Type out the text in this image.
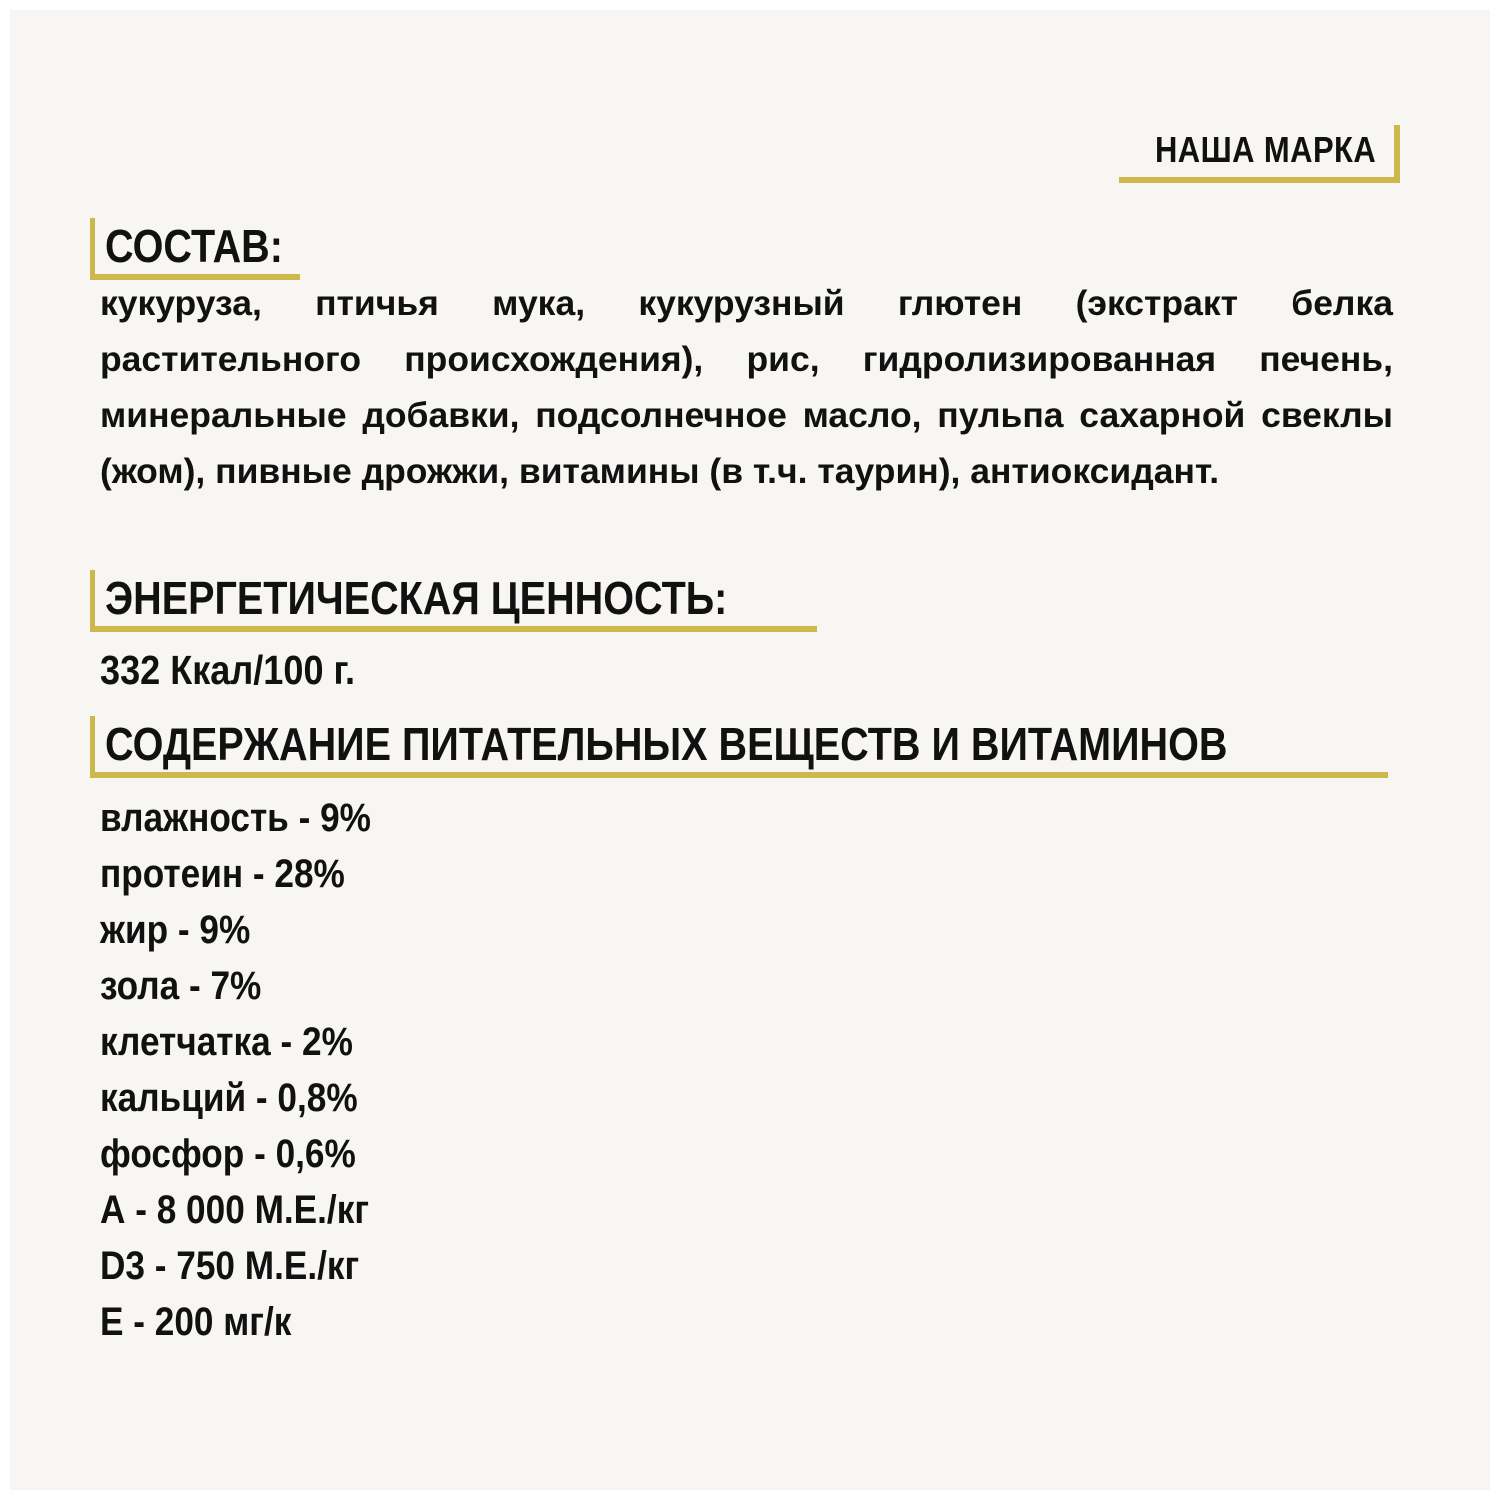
НАША МАРКА
СОСТАВ:

кукуруза, птичья мука, кукурузный глютен (экстракт белка растительного происхождения), рис, гидролизированная печень, минеральные добавки, подсолнечное масло, пульпа сахарной свеклы (жом), пивные дрожжи, витамины (в т.ч. таурин), антиоксидант.

ЭНЕРГЕТИЧЕСКАЯ ЦЕННОСТЬ:
332 Ккал/100 г.
СОДЕРЖАНИЕ ПИТАТЕЛЬНЫХ ВЕЩЕСТВ И ВИТАМИНОВ
влажность - 9%
протеин - 28%
жир - 9%
зола - 7%
клетчатка - 2%
кальций - 0,8%
фосфор - 0,6%
А - 8 000 М.Е./кг
D3 - 750 М.Е./кг
Е - 200 мг/к
